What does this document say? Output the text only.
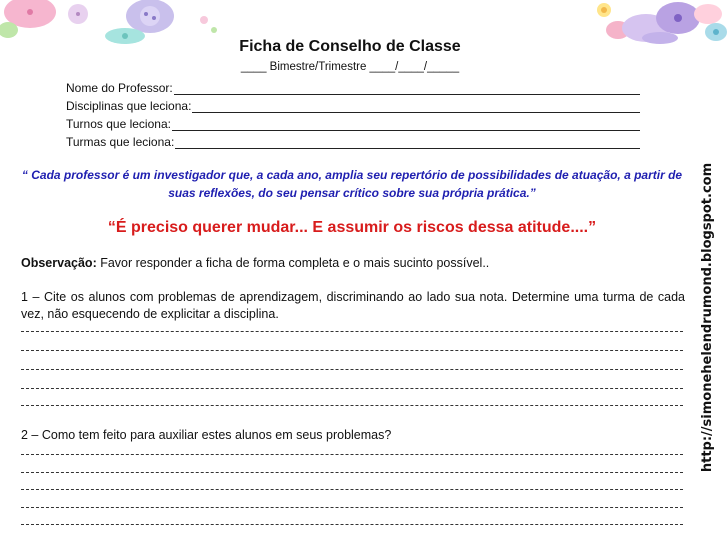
Ficha de Conselho de Classe
____ Bimestre/Trimestre ____/____/_____
Nome do Professor:
Disciplinas que leciona:
Turnos que leciona:
Turmas que leciona:
“ Cada professor é um investigador que, a cada ano, amplia seu repertório de possibilidades de atuação, a partir de suas reflexões, do seu pensar crítico sobre sua própria prática.”
“É preciso querer mudar... E assumir os riscos dessa atitude....”
Observação: Favor responder a ficha de forma completa e o mais sucinto possível..
1 – Cite os alunos com problemas de aprendizagem, discriminando ao lado sua nota. Determine uma turma de cada vez, não esquecendo de explicitar a disciplina.
2 – Como tem feito para auxiliar estes alunos em seus problemas?	http://simonehelendrumond.blogspot.com
